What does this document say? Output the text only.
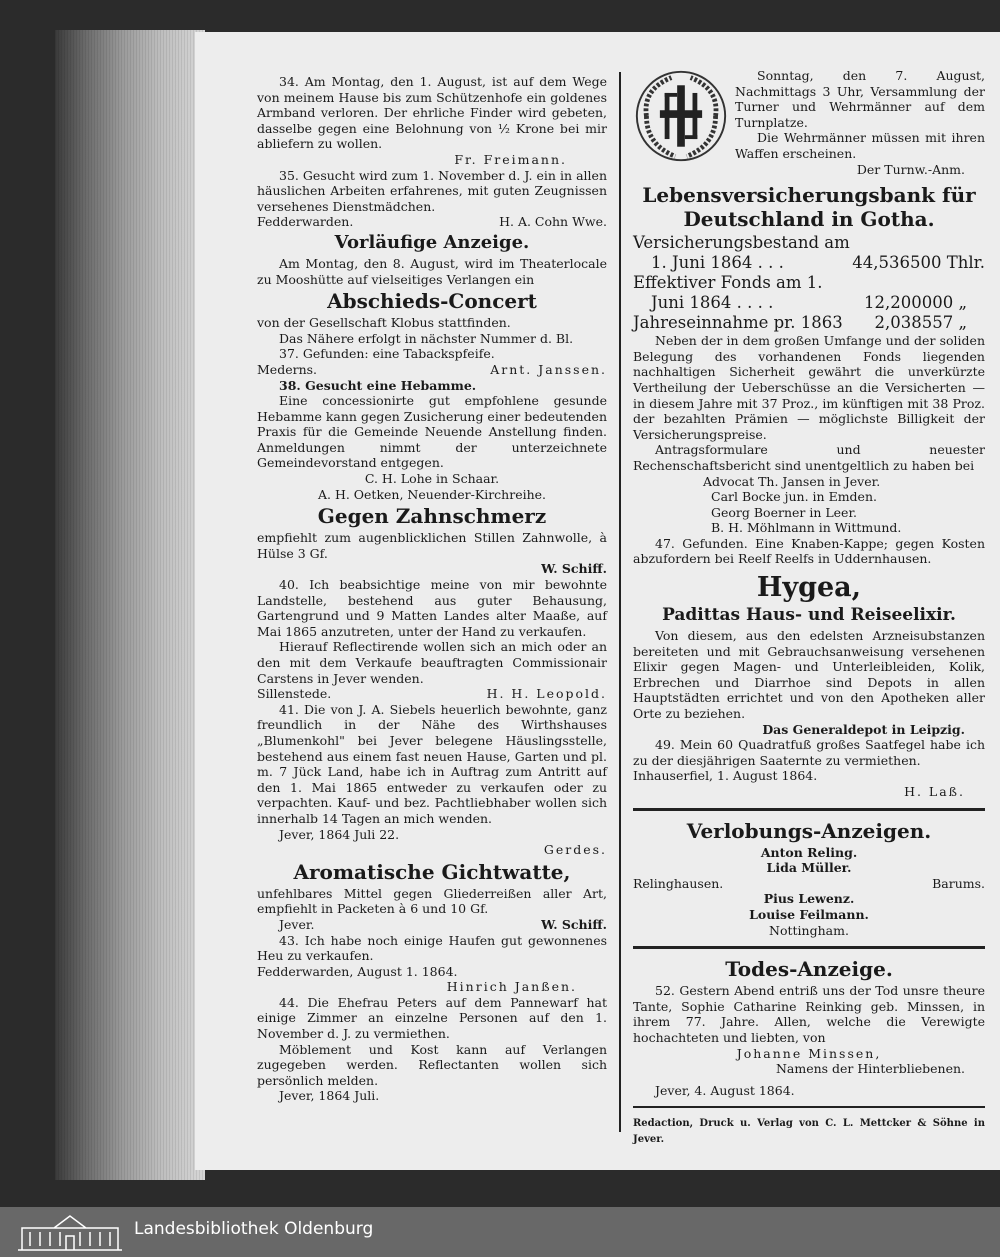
34. Am Montag, den 1. August, ist auf dem Wege von meinem Hause bis zum Schützenhofe ein goldenes Armband verloren. Der ehrliche Finder wird gebeten, dasselbe gegen eine Belohnung von ½ Krone bei mir abliefern zu wollen.

Fr. Freimann.

35. Gesucht wird zum 1. November d. J. ein in allen häuslichen Arbeiten erfahrenes, mit guten Zeugnissen versehenes Dienstmädchen.

Fedderwarden.	H. A. Cohn Wwe.
Vorläufige Anzeige.

Am Montag, den 8. August, wird im Theaterlocale zu Mooshütte auf vielseitiges Verlangen ein

Abschieds-Concert

von der Gesellschaft Klobus stattfinden.

Das Nähere erfolgt in nächster Nummer d. Bl.

37. Gefunden: eine Tabackspfeife.

Mederns.	Arnt. Janssen.

38. Gesucht eine Hebamme.

Eine concessionirte gut empfohlene gesunde Hebamme kann gegen Zusicherung einer bedeutenden Praxis für die Gemeinde Neuende Anstellung finden. Anmeldungen nimmt der unterzeichnete Gemeindevorstand entgegen.

C. H. Lohe in Schaar.

A. H. Oetken, Neuender-Kirchreihe.

Gegen Zahnschmerz

empfiehlt zum augenblicklichen Stillen Zahnwolle, à Hülse 3 Gf.

W. Schiff.

40. Ich beabsichtige meine von mir bewohnte Landstelle, bestehend aus guter Behausung, Gartengrund und 9 Matten Landes alter Maaße, auf Mai 1865 anzutreten, unter der Hand zu verkaufen.

Hierauf Reflectirende wollen sich an mich oder an den mit dem Verkaufe beauftragten Commissionair Carstens in Jever wenden.

Sillenstede.	H. H. Leopold.

41. Die von J. A. Siebels heuerlich bewohnte, ganz freundlich in der Nähe des Wirthshauses „Blumenkohl" bei Jever belegene Häuslingsstelle, bestehend aus einem fast neuen Hause, Garten und pl. m. 7 Jück Land, habe ich in Auftrag zum Antritt auf den 1. Mai 1865 entweder zu verkaufen oder zu verpachten. Kauf- und bez. Pachtliebhaber wollen sich innerhalb 14 Tagen an mich wenden.

Jever, 1864 Juli 22.

Gerdes.

Aromatische Gichtwatte,

unfehlbares Mittel gegen Gliederreißen aller Art, empfiehlt in Packeten à 6 und 10 Gf.

Jever.	W. Schiff.

43. Ich habe noch einige Haufen gut gewonnenes Heu zu verkaufen.

Fedderwarden, August 1. 1864.

Hinrich Janßen.

44. Die Ehefrau Peters auf dem Pannewarf hat einige Zimmer an einzelne Personen auf den 1. November d. J. zu vermiethen.

Möblement und Kost kann auf Verlangen zugegeben werden. Reflectanten wollen sich persönlich melden.

Jever, 1864 Juli.

Sonntag, den 7. August, Nachmittags 3 Uhr, Versammlung der Turner und Wehrmänner auf dem Turnplatze.

Die Wehrmänner müssen mit ihren Waffen erscheinen.

Der Turnw.-Anm.

Lebensversicherungsbank für Deutschland in Gotha.

Versicherungsbestand am

1. Juni 1864 . . .	44,536500 Thlr.

Effektiver Fonds am 1.

Juni 1864 . . . .	12,200000 „
Jahreseinnahme pr. 1863 2,038557 „

Neben der in dem großen Umfange und der soliden Belegung des vorhandenen Fonds liegenden nachhaltigen Sicherheit gewährt die unverkürzte Vertheilung der Ueberschüsse an die Versicherten — in diesem Jahre mit 37 Proz., im künftigen mit 38 Proz. der bezahlten Prämien — möglichste Billigkeit der Versicherungspreise.

Antragsformulare und neuester Rechenschaftsbericht sind unentgeltlich zu haben bei

Advocat Th. Jansen in Jever.

Carl Bocke jun. in Emden.

Georg Boerner in Leer.

B. H. Möhlmann in Wittmund.

47. Gefunden. Eine Knaben-Kappe; gegen Kosten abzufordern bei Reelf Reelfs in Uddernhausen.

Hygea,
Padittas Haus- und Reiseelixir.

Von diesem, aus den edelsten Arzneisubstanzen bereiteten und mit Gebrauchsanweisung versehenen Elixir gegen Magen- und Unterleibleiden, Kolik, Erbrechen und Diarrhoe sind Depots in allen Hauptstädten errichtet und von den Apotheken aller Orte zu beziehen.

Das Generaldepot in Leipzig.

49. Mein 60 Quadratfuß großes Saatfegel habe ich zu der diesjährigen Saaternte zu vermiethen.

Inhauserfiel, 1. August 1864.

H. Laß.

Verlobungs-Anzeigen.

Anton Reling.

Lida Müller.

Relinghausen.	Barums.

Pius Lewenz.

Louise Feilmann.

Nottingham.

Todes-Anzeige.

52. Gestern Abend entriß uns der Tod unsre theure Tante, Sophie Catharine Reinking geb. Minssen, in ihrem 77. Jahre. Allen, welche die Verewigte hochachteten und liebten, von

Johanne Minssen,

Namens der Hinterbliebenen.

Jever, 4. August 1864.

Redaction, Druck u. Verlag von C. L. Mettcker & Söhne in Jever.

Landesbibliothek Oldenburg
